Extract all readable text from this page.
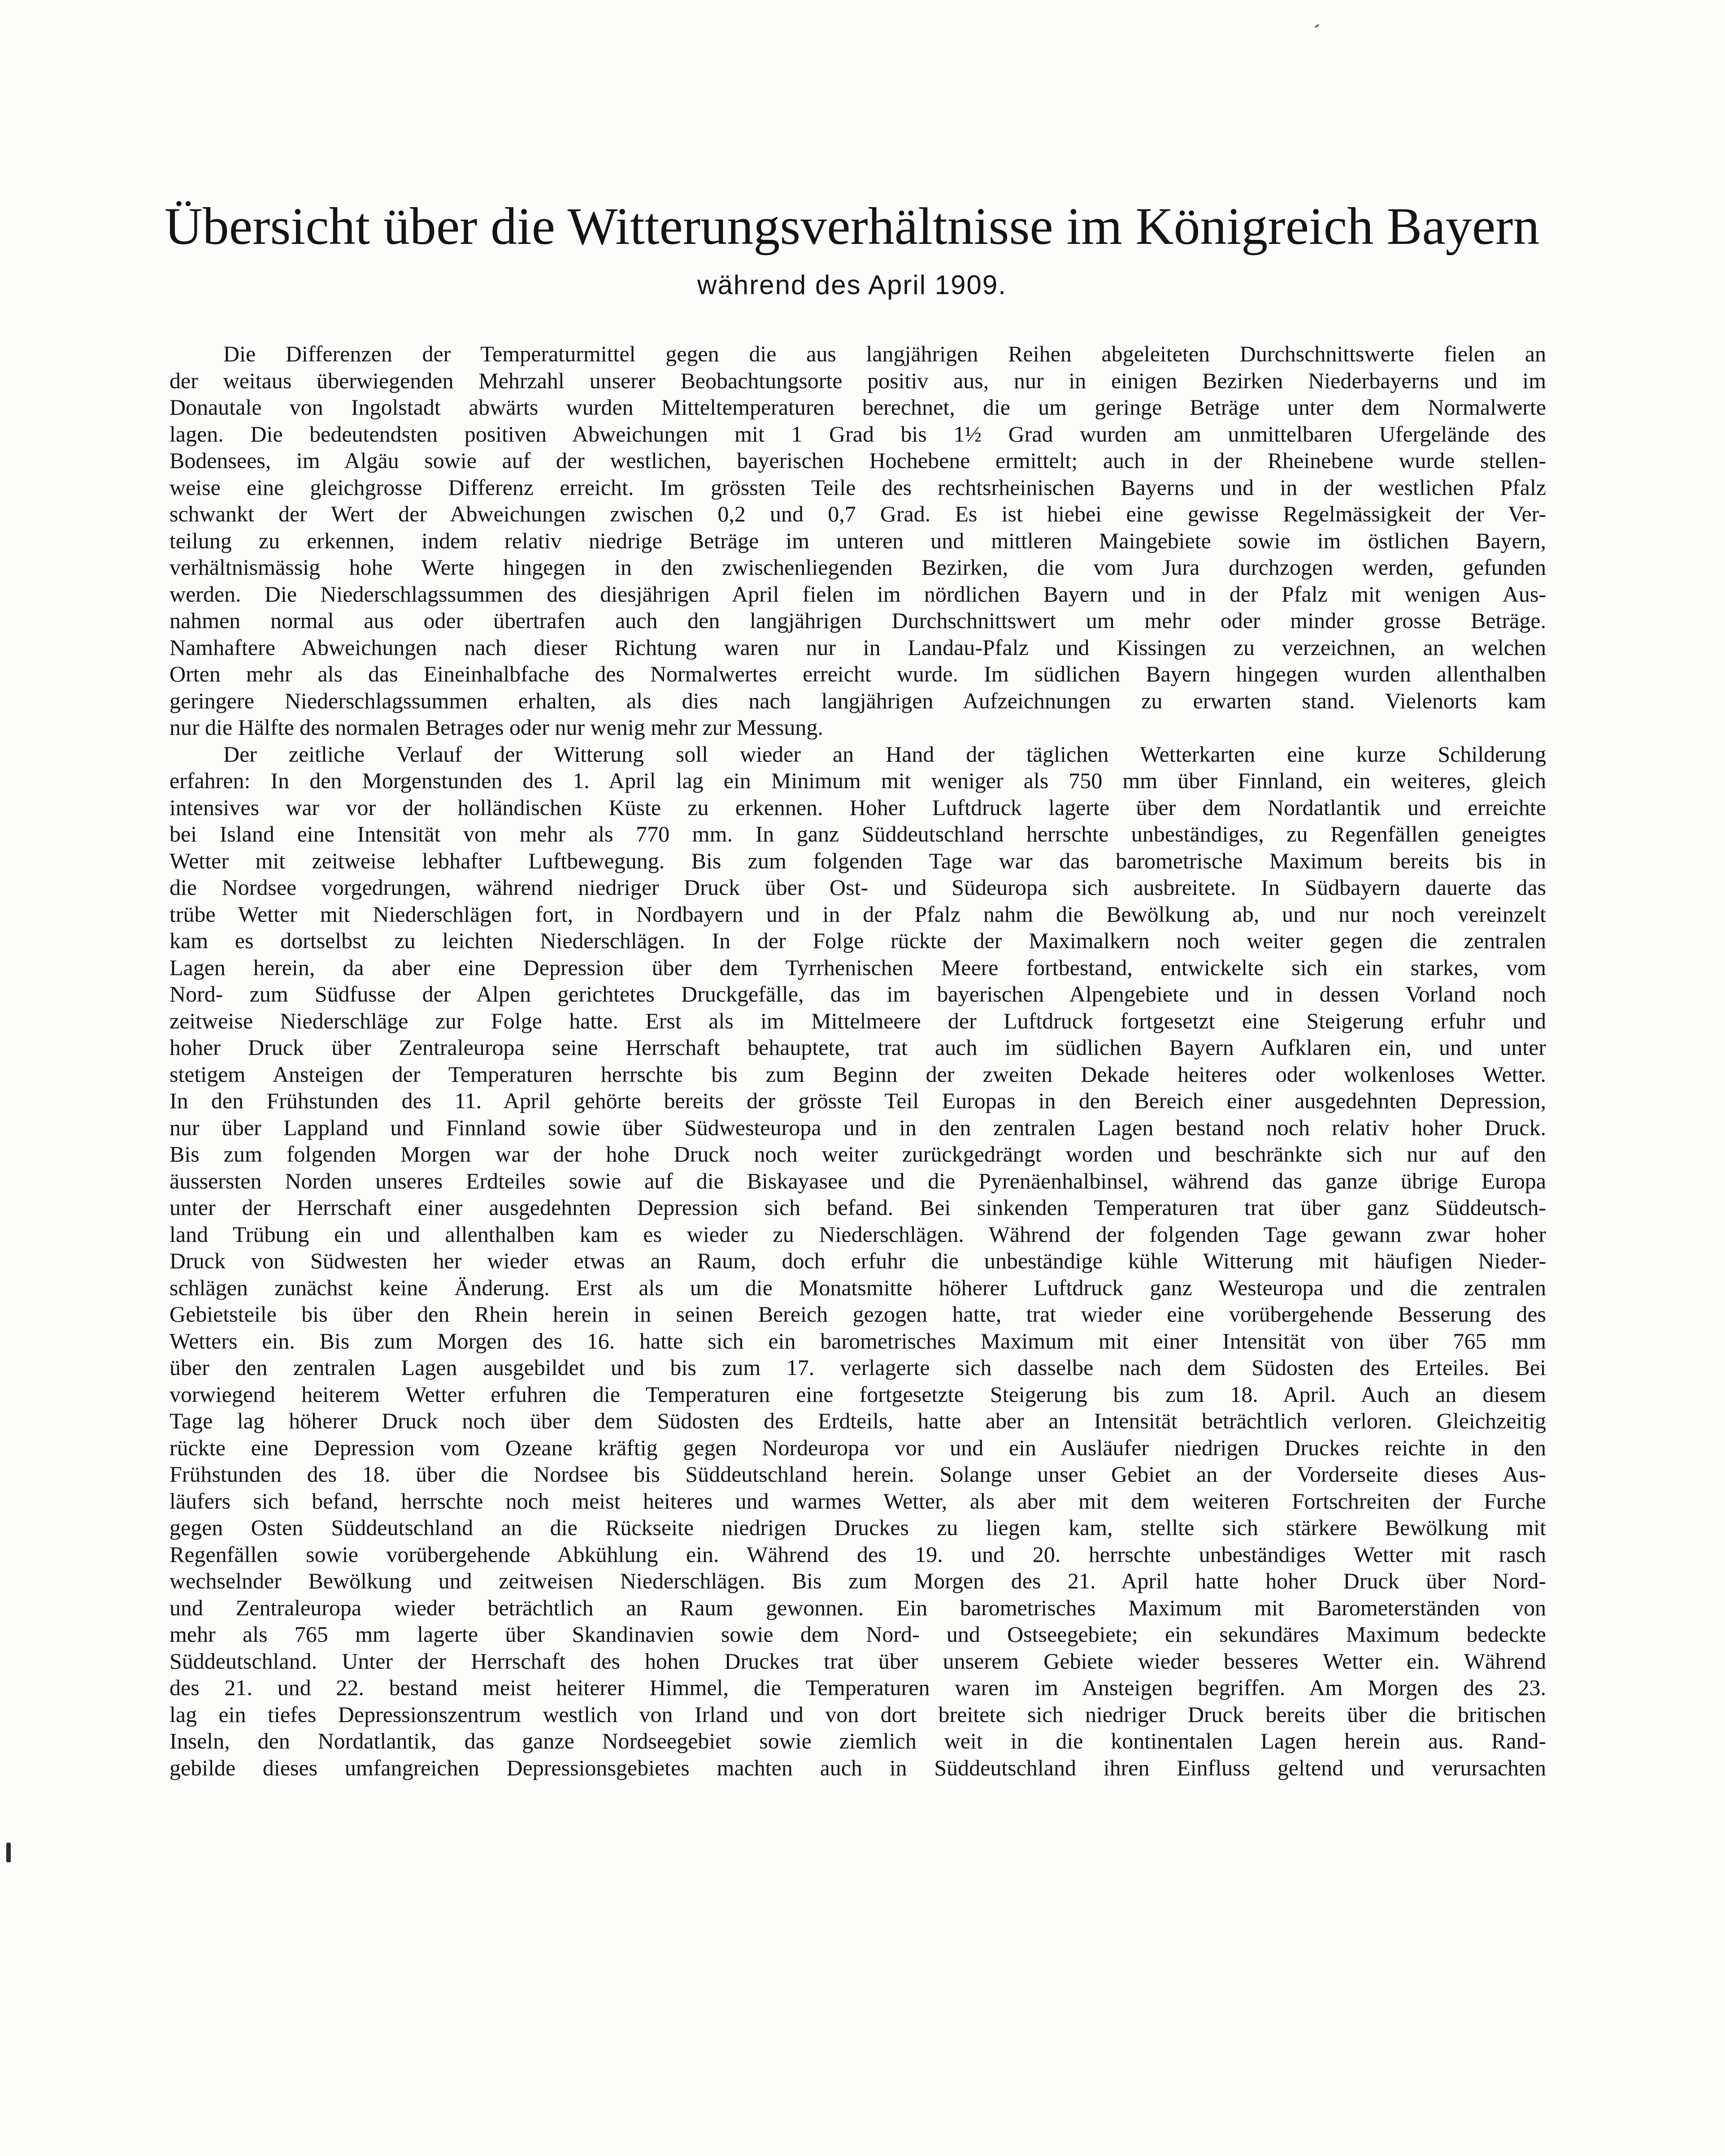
Übersicht über die Witterungsverhältnisse im Königreich Bayern
während des April 1909.

Die Differenzen der Temperaturmittel gegen die aus langjährigen Reihen abgeleiteten Durchschnittswerte fielen an
der weitaus überwiegenden Mehrzahl unserer Beobachtungsorte positiv aus, nur in einigen Bezirken Niederbayerns und im
Donautale von Ingolstadt abwärts wurden Mitteltemperaturen berechnet, die um geringe Beträge unter dem Normalwerte
lagen. Die bedeutendsten positiven Abweichungen mit 1 Grad bis 1½ Grad wurden am unmittelbaren Ufergelände des
Bodensees, im Algäu sowie auf der westlichen, bayerischen Hochebene ermittelt; auch in der Rheinebene wurde stellen-
weise eine gleichgrosse Differenz erreicht. Im grössten Teile des rechtsrheinischen Bayerns und in der westlichen Pfalz
schwankt der Wert der Abweichungen zwischen 0,2 und 0,7 Grad. Es ist hiebei eine gewisse Regelmässigkeit der Ver-
teilung zu erkennen, indem relativ niedrige Beträge im unteren und mittleren Maingebiete sowie im östlichen Bayern,
verhältnismässig hohe Werte hingegen in den zwischenliegenden Bezirken, die vom Jura durchzogen werden, gefunden
werden. Die Niederschlagssummen des diesjährigen April fielen im nördlichen Bayern und in der Pfalz mit wenigen Aus-
nahmen normal aus oder übertrafen auch den langjährigen Durchschnittswert um mehr oder minder grosse Beträge.
Namhaftere Abweichungen nach dieser Richtung waren nur in Landau-Pfalz und Kissingen zu verzeichnen, an welchen
Orten mehr als das Eineinhalbfache des Normalwertes erreicht wurde. Im südlichen Bayern hingegen wurden allenthalben
geringere Niederschlagssummen erhalten, als dies nach langjährigen Aufzeichnungen zu erwarten stand. Vielenorts kam
nur die Hälfte des normalen Betrages oder nur wenig mehr zur Messung.

Der zeitliche Verlauf der Witterung soll wieder an Hand der täglichen Wetterkarten eine kurze Schilderung
erfahren: In den Morgenstunden des 1. April lag ein Minimum mit weniger als 750 mm über Finnland, ein weiteres, gleich
intensives war vor der holländischen Küste zu erkennen. Hoher Luftdruck lagerte über dem Nordatlantik und erreichte
bei Island eine Intensität von mehr als 770 mm. In ganz Süddeutschland herrschte unbeständiges, zu Regenfällen geneigtes
Wetter mit zeitweise lebhafter Luftbewegung. Bis zum folgenden Tage war das barometrische Maximum bereits bis in
die Nordsee vorgedrungen, während niedriger Druck über Ost- und Südeuropa sich ausbreitete. In Südbayern dauerte das
trübe Wetter mit Niederschlägen fort, in Nordbayern und in der Pfalz nahm die Bewölkung ab, und nur noch vereinzelt
kam es dortselbst zu leichten Niederschlägen. In der Folge rückte der Maximalkern noch weiter gegen die zentralen
Lagen herein, da aber eine Depression über dem Tyrrhenischen Meere fortbestand, entwickelte sich ein starkes, vom
Nord- zum Südfusse der Alpen gerichtetes Druckgefälle, das im bayerischen Alpengebiete und in dessen Vorland noch
zeitweise Niederschläge zur Folge hatte. Erst als im Mittelmeere der Luftdruck fortgesetzt eine Steigerung erfuhr und
hoher Druck über Zentraleuropa seine Herrschaft behauptete, trat auch im südlichen Bayern Aufklaren ein, und unter
stetigem Ansteigen der Temperaturen herrschte bis zum Beginn der zweiten Dekade heiteres oder wolkenloses Wetter.
In den Frühstunden des 11. April gehörte bereits der grösste Teil Europas in den Bereich einer ausgedehnten Depression,
nur über Lappland und Finnland sowie über Südwesteuropa und in den zentralen Lagen bestand noch relativ hoher Druck.
Bis zum folgenden Morgen war der hohe Druck noch weiter zurückgedrängt worden und beschränkte sich nur auf den
äussersten Norden unseres Erdteiles sowie auf die Biskayasee und die Pyrenäenhalbinsel, während das ganze übrige Europa
unter der Herrschaft einer ausgedehnten Depression sich befand. Bei sinkenden Temperaturen trat über ganz Süddeutsch-
land Trübung ein und allenthalben kam es wieder zu Niederschlägen. Während der folgenden Tage gewann zwar hoher
Druck von Südwesten her wieder etwas an Raum, doch erfuhr die unbeständige kühle Witterung mit häufigen Nieder-
schlägen zunächst keine Änderung. Erst als um die Monatsmitte höherer Luftdruck ganz Westeuropa und die zentralen
Gebietsteile bis über den Rhein herein in seinen Bereich gezogen hatte, trat wieder eine vorübergehende Besserung des
Wetters ein. Bis zum Morgen des 16. hatte sich ein barometrisches Maximum mit einer Intensität von über 765 mm
über den zentralen Lagen ausgebildet und bis zum 17. verlagerte sich dasselbe nach dem Südosten des Erteiles. Bei
vorwiegend heiterem Wetter erfuhren die Temperaturen eine fortgesetzte Steigerung bis zum 18. April. Auch an diesem
Tage lag höherer Druck noch über dem Südosten des Erdteils, hatte aber an Intensität beträchtlich verloren. Gleichzeitig
rückte eine Depression vom Ozeane kräftig gegen Nordeuropa vor und ein Ausläufer niedrigen Druckes reichte in den
Frühstunden des 18. über die Nordsee bis Süddeutschland herein. Solange unser Gebiet an der Vorderseite dieses Aus-
läufers sich befand, herrschte noch meist heiteres und warmes Wetter, als aber mit dem weiteren Fortschreiten der Furche
gegen Osten Süddeutschland an die Rückseite niedrigen Druckes zu liegen kam, stellte sich stärkere Bewölkung mit
Regenfällen sowie vorübergehende Abkühlung ein. Während des 19. und 20. herrschte unbeständiges Wetter mit rasch
wechselnder Bewölkung und zeitweisen Niederschlägen. Bis zum Morgen des 21. April hatte hoher Druck über Nord-
und Zentraleuropa wieder beträchtlich an Raum gewonnen. Ein barometrisches Maximum mit Barometerständen von
mehr als 765 mm lagerte über Skandinavien sowie dem Nord- und Ostseegebiete; ein sekundäres Maximum bedeckte
Süddeutschland. Unter der Herrschaft des hohen Druckes trat über unserem Gebiete wieder besseres Wetter ein. Während
des 21. und 22. bestand meist heiterer Himmel, die Temperaturen waren im Ansteigen begriffen. Am Morgen des 23.
lag ein tiefes Depressionszentrum westlich von Irland und von dort breitete sich niedriger Druck bereits über die britischen
Inseln, den Nordatlantik, das ganze Nordseegebiet sowie ziemlich weit in die kontinentalen Lagen herein aus. Rand-
gebilde dieses umfangreichen Depressionsgebietes machten auch in Süddeutschland ihren Einfluss geltend und verursachten
